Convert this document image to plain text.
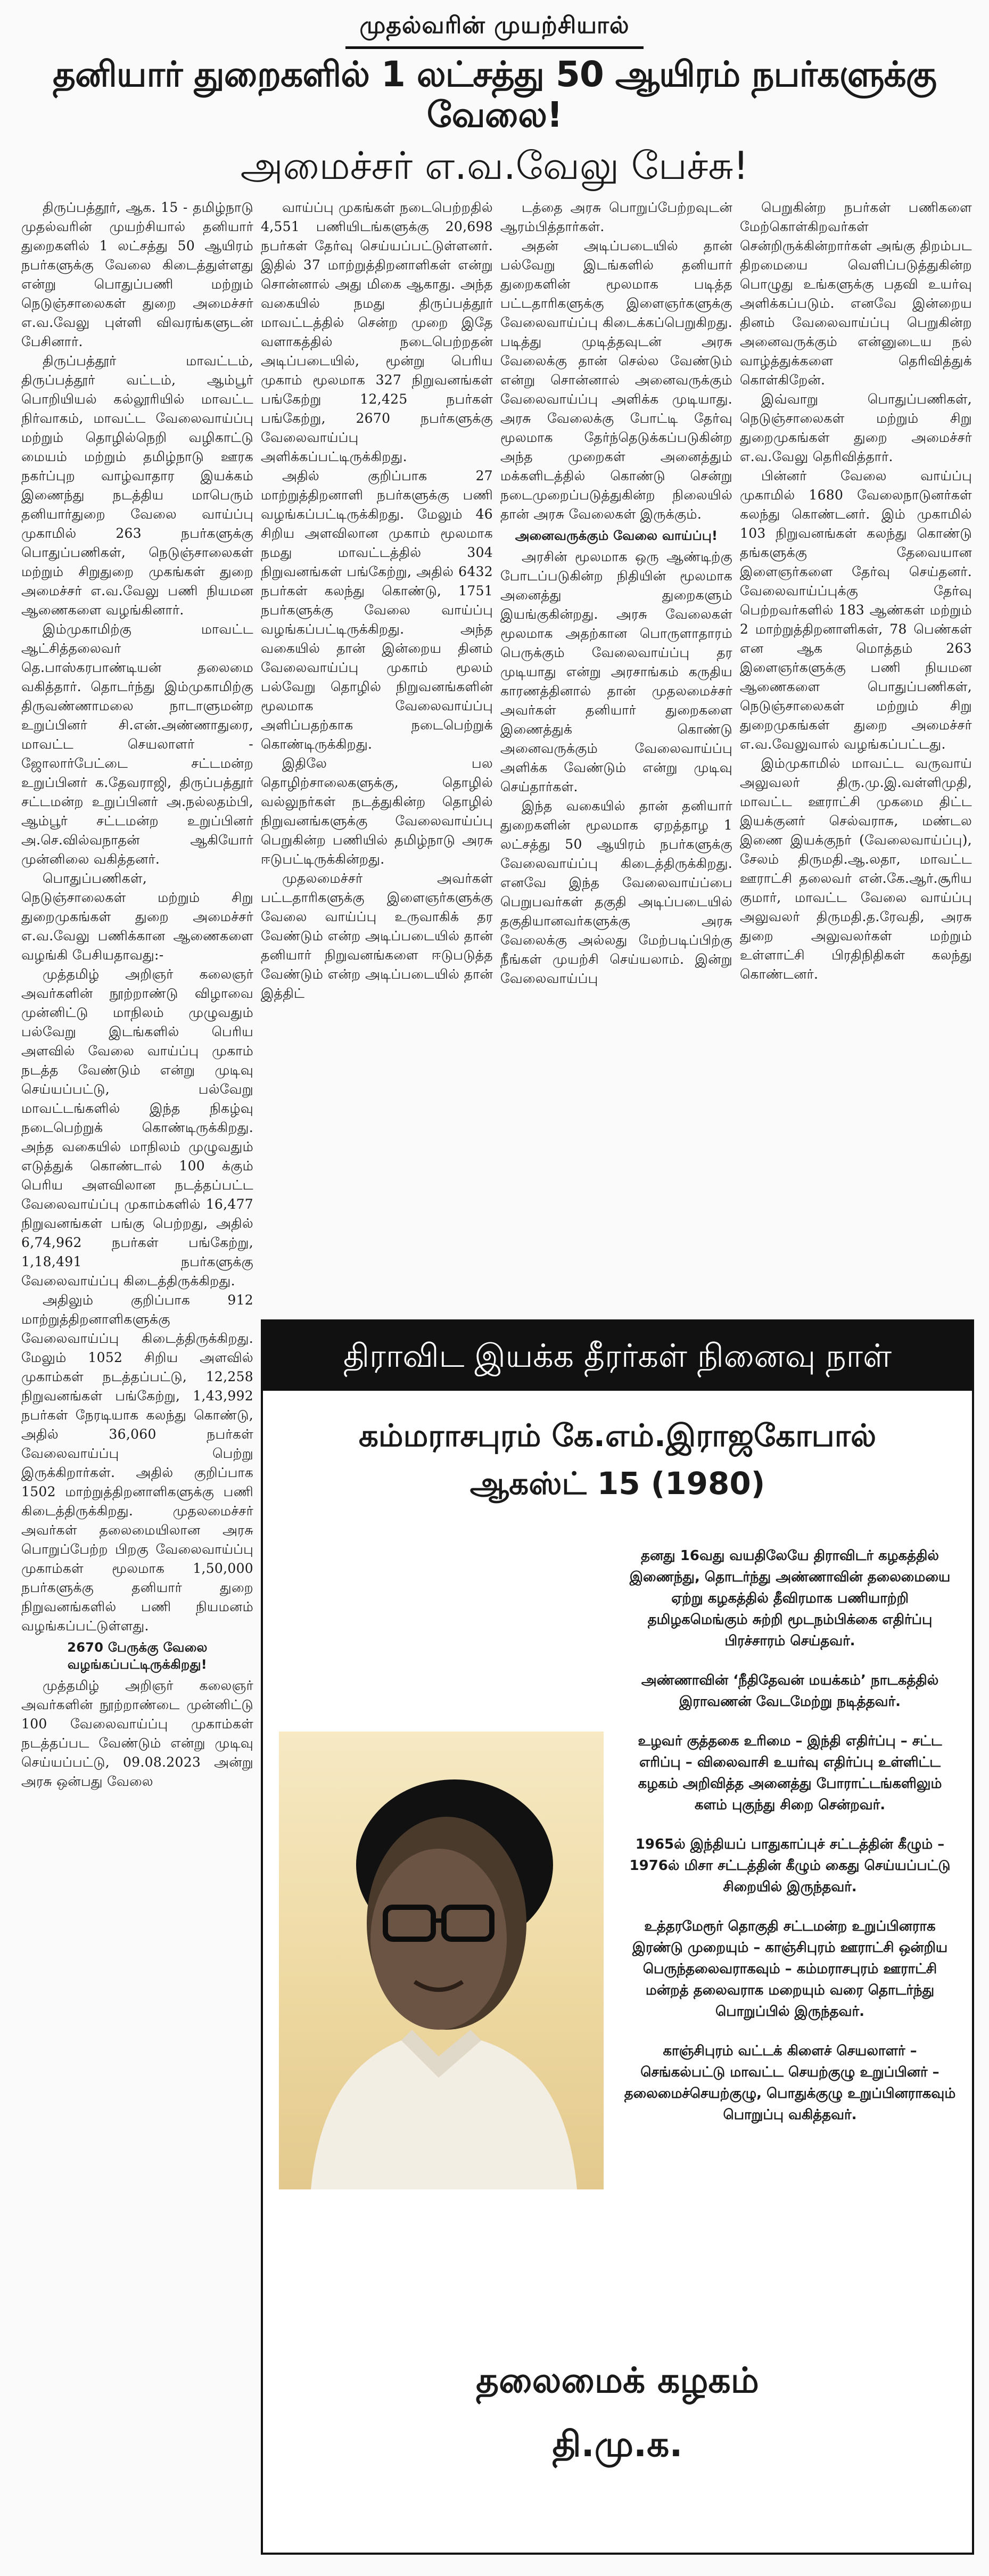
முதல்வரின் முயற்சியால்
தனியார் துறைகளில் 1 லட்சத்து 50 ஆயிரம் நபர்களுக்கு வேலை!
அமைச்சர் எ.வ.வேலு பேச்சு!

திருப்பத்தூர், ஆக. 15 - தமிழ்நாடு முதல்வரின் முயற்சியால் தனியார் துறைகளில் 1 லட்சத்து 50 ஆயிரம் நபர்களுக்கு வேலை கிடைத்துள்ளது என்று பொதுப்பணி மற்றும் நெடுஞ்சாலைகள் துறை அமைச்சர் எ.வ.வேலு புள்ளி விவரங்களுடன் பேசினார்.

திருப்பத்தூர் மாவட்டம், திருப்பத்தூர் வட்டம், ஆம்பூர் பொறியியல் கல்லூரியில் மாவட்ட நிர்வாகம், மாவட்ட வேலைவாய்ப்பு மற்றும் தொழில்நெறி வழிகாட்டு மையம் மற்றும் தமிழ்நாடு ஊரக நகர்ப்புற வாழ்வாதார இயக்கம் இணைந்து நடத்திய மாபெரும் தனியார்துறை வேலை வாய்ப்பு முகாமில் 263 நபர்களுக்கு பொதுப்பணிகள், நெடுஞ்சாலைகள் மற்றும் சிறுதுறை முகங்கள் துறை அமைச்சர் எ.வ.வேலு பணி நியமன ஆணைகளை வழங்கினார்.

இம்முகாமிற்கு மாவட்ட ஆட்சித்தலைவர் தெ.பாஸ்கரபாண்டியன் தலைமை வகித்தார். தொடர்ந்து இம்முகாமிற்கு திருவண்ணாமலை நாடாளுமன்ற உறுப்பினர் சி.என்.அண்ணாதுரை, மாவட்ட செயலாளர் - ஜோலார்பேட்டை சட்டமன்ற உறுப்பினர் க.தேவராஜி, திருப்பத்தூர் சட்டமன்ற உறுப்பினர் அ.நல்லதம்பி, ஆம்பூர் சட்டமன்ற உறுப்பினர் அ.செ.வில்வநாதன் ஆகியோர் முன்னிலை வகித்தனர்.

பொதுப்பணிகள், நெடுஞ்சாலைகள் மற்றும் சிறு துறைமுகங்கள் துறை அமைச்சர் எ.வ.வேலு பணிக்கான ஆணைகளை வழங்கி பேசியதாவது:-

முத்தமிழ் அறிஞர் கலைஞர் அவர்களின் நூற்றாண்டு விழாவை முன்னிட்டு மாநிலம் முழுவதும் பல்வேறு இடங்களில் பெரிய அளவில் வேலை வாய்ப்பு முகாம் நடத்த வேண்டும் என்று முடிவு செய்யப்பட்டு, பல்வேறு மாவட்டங்களில் இந்த நிகழ்வு நடைபெற்றுக் கொண்டிருக்கிறது. அந்த வகையில் மாநிலம் முழுவதும் எடுத்துக் கொண்டால் 100 க்கும் பெரிய அளவிலான நடத்தப்பட்ட வேலைவாய்ப்பு முகாம்களில் 16,477 நிறுவனங்கள் பங்கு பெற்றது, அதில் 6,74,962 நபர்கள் பங்கேற்று, 1,18,491 நபர்களுக்கு வேலைவாய்ப்பு கிடைத்திருக்கிறது.

அதிலும் குறிப்பாக 912 மாற்றுத்திறனாளிகளுக்கு வேலைவாய்ப்பு கிடைத்திருக்கிறது. மேலும் 1052 சிறிய அளவில் முகாம்கள் நடத்தப்பட்டு, 12,258 நிறுவனங்கள் பங்கேற்று, 1,43,992 நபர்கள் நேரடியாக கலந்து கொண்டு, அதில் 36,060 நபர்கள் வேலைவாய்ப்பு பெற்று இருக்கிறார்கள். அதில் குறிப்பாக 1502 மாற்றுத்திறனாளிகளுக்கு பணி கிடைத்திருக்கிறது. முதலமைச்சர் அவர்கள் தலைமையிலான அரசு பொறுப்பேற்ற பிறகு வேலைவாய்ப்பு முகாம்கள் மூலமாக 1,50,000 நபர்களுக்கு தனியார் துறை நிறுவனங்களில் பணி நியமனம் வழங்கப்பட்டுள்ளது.

2670 பேருக்கு வேலை வழங்கப்பட்டிருக்கிறது!

முத்தமிழ் அறிஞர் கலைஞர் அவர்களின் நூற்றாண்டை முன்னிட்டு 100 வேலைவாய்ப்பு முகாம்கள் நடத்தப்பட வேண்டும் என்று முடிவு செய்யப்பட்டு, 09.08.2023 அன்று அரசு ஒன்பது வேலை

வாய்ப்பு முகங்கள் நடைபெற்றதில் 4,551 பணியிடங்களுக்கு 20,698 நபர்கள் தேர்வு செய்யப்பட்டுள்ளனர். இதில் 37 மாற்றுத்திறனாளிகள் என்று சொன்னால் அது மிகை ஆகாது. அந்த வகையில் நமது திருப்பத்தூர் மாவட்டத்தில் சென்ற முறை இதே வளாகத்தில் நடைபெற்றதன் அடிப்படையில், மூன்று பெரிய முகாம் மூலமாக 327 நிறுவனங்கள் பங்கேற்று 12,425 நபர்கள் பங்கேற்று, 2670 நபர்களுக்கு வேலைவாய்ப்பு அளிக்கப்பட்டிருக்கிறது.

அதில் குறிப்பாக 27 மாற்றுத்திறனாளி நபர்களுக்கு பணி வழங்கப்பட்டிருக்கிறது. மேலும் 46 சிறிய அளவிலான முகாம் மூலமாக நமது மாவட்டத்தில் 304 நிறுவனங்கள் பங்கேற்று, அதில் 6432 நபர்கள் கலந்து கொண்டு, 1751 நபர்களுக்கு வேலை வாய்ப்பு வழங்கப்பட்டிருக்கிறது. அந்த வகையில் தான் இன்றைய தினம் வேலைவாய்ப்பு முகாம் மூலம் பல்வேறு தொழில் நிறுவனங்களின் மூலமாக வேலைவாய்ப்பு அளிப்பதற்காக நடைபெற்றுக் கொண்டிருக்கிறது.

இதிலே பல தொழிற்சாலைகளுக்கு, தொழில் வல்லுநர்கள் நடத்துகின்ற தொழில் நிறுவனங்களுக்கு வேலைவாய்ப்பு பெறுகின்ற பணியில் தமிழ்நாடு அரசு ஈடுபட்டிருக்கின்றது.

முதலமைச்சர் அவர்கள் பட்டதாரிகளுக்கு இளைஞர்களுக்கு வேலை வாய்ப்பு உருவாகிக் தர வேண்டும் என்ற அடிப்படையில் தான் தனியார் நிறுவனங்களை ஈடுபடுத்த வேண்டும் என்ற அடிப்படையில் தான் இத்திட்

டத்தை அரசு பொறுப்பேற்றவுடன் ஆரம்பித்தார்கள்.

அதன் அடிப்படையில் தான் பல்வேறு இடங்களில் தனியார் துறைகளின் மூலமாக படித்த பட்டதாரிகளுக்கு இளைஞர்களுக்கு வேலைவாய்ப்பு கிடைக்கப்பெறுகிறது. படித்து முடித்தவுடன் அரசு வேலைக்கு தான் செல்ல வேண்டும் என்று சொன்னால் அனைவருக்கும் வேலைவாய்ப்பு அளிக்க முடியாது. அரசு வேலைக்கு போட்டி தேர்வு மூலமாக தேர்ந்தெடுக்கப்படுகின்ற அந்த முறைகள் அனைத்தும் மக்களிடத்தில் கொண்டு சென்று நடைமுறைப்படுத்துகின்ற நிலையில் தான் அரசு வேலைகள் இருக்கும்.

அனைவருக்கும் வேலை வாய்ப்பு!

அரசின் மூலமாக ஒரு ஆண்டிற்கு போடப்படுகின்ற நிதியின் மூலமாக அனைத்து துறைகளும் இயங்குகின்றது. அரசு வேலைகள் மூலமாக அதற்கான பொருளாதாரம் பெருக்கும் வேலைவாய்ப்பு தர முடியாது என்று அரசாங்கம் கருதிய காரணத்தினால் தான் முதலமைச்சர் அவர்கள் தனியார் துறைகளை இணைத்துக் கொண்டு அனைவருக்கும் வேலைவாய்ப்பு அளிக்க வேண்டும் என்று முடிவு செய்தார்கள்.

இந்த வகையில் தான் தனியார் துறைகளின் மூலமாக ஏறத்தாழ 1 லட்சத்து 50 ஆயிரம் நபர்களுக்கு வேலைவாய்ப்பு கிடைத்திருக்கிறது. எனவே இந்த வேலைவாய்ப்பை பெறுபவர்கள் தகுதி அடிப்படையில் தகுதியானவர்களுக்கு அரசு வேலைக்கு அல்லது மேற்படிப்பிற்கு நீங்கள் முயற்சி செய்யலாம். இன்று வேலைவாய்ப்பு

பெறுகின்ற நபர்கள் பணிகளை மேற்கொள்கிறவர்கள் சென்றிருக்கின்றார்கள் அங்கு திறம்பட திறமையை வெளிப்படுத்துகின்ற பொழுது உங்களுக்கு பதவி உயர்வு அளிக்கப்படும். எனவே இன்றைய தினம் வேலைவாய்ப்பு பெறுகின்ற அனைவருக்கும் என்னுடைய நல் வாழ்த்துக்களை தெரிவித்துக் கொள்கிறேன்.

இவ்வாறு பொதுப்பணிகள், நெடுஞ்சாலைகள் மற்றும் சிறு துறைமுகங்கள் துறை அமைச்சர் எ.வ.வேலு தெரிவித்தார்.

பின்னர் வேலை வாய்ப்பு முகாமில் 1680 வேலைநாடுனர்கள் கலந்து கொண்டனர். இம் முகாமில் 103 நிறுவனங்கள் கலந்து கொண்டு தங்களுக்கு தேவையான இளைஞர்களை தேர்வு செய்தனர். வேலைவாய்ப்புக்கு தேர்வு பெற்றவர்களில் 183 ஆண்கள் மற்றும் 2 மாற்றுத்திறனாளிகள், 78 பெண்கள் என ஆக மொத்தம் 263 இளைஞர்களுக்கு பணி நியமன ஆணைகளை பொதுப்பணிகள், நெடுஞ்சாலைகள் மற்றும் சிறு துறைமுகங்கள் துறை அமைச்சர் எ.வ.வேலுவால் வழங்கப்பட்டது.

இம்முகாமில் மாவட்ட வருவாய் அலுவலர் திரு.மு.இ.வள்ளிமுதி, மாவட்ட ஊராட்சி முகமை திட்ட இயக்குனர் செல்வராசு, மண்டல இணை இயக்குநர் (வேலைவாய்ப்பு), சேலம் திருமதி.ஆ.லதா, மாவட்ட ஊராட்சி தலைவர் என்.கே.ஆர்.சூரிய குமார், மாவட்ட வேலை வாய்ப்பு அலுவலர் திருமதி.த.ரேவதி, அரசு துறை அலுவலர்கள் மற்றும் உள்ளாட்சி பிரதிநிதிகள் கலந்து கொண்டனர்.

திராவிட இயக்க தீரர்கள் நினைவு நாள்
கம்மராசபுரம் கே.எம்.இராஜகோபால்
ஆகஸ்ட் 15 (1980)

தனது 16வது வயதிலேயே திராவிடர் கழகத்தில் இணைந்து, தொடர்ந்து அண்ணாவின் தலைமையை ஏற்று கழகத்தில் தீவிரமாக பணியாற்றி தமிழகமெங்கும் சுற்றி மூடநம்பிக்கை எதிர்ப்பு பிரச்சாரம் செய்தவர்.

அண்ணாவின் ‘நீதிதேவன் மயக்கம்’ நாடகத்தில் இராவணன் வேடமேற்று நடித்தவர்.

உழவர் குத்தகை உரிமை – இந்தி எதிர்ப்பு – சட்ட எரிப்பு – விலைவாசி உயர்வு எதிர்ப்பு உள்ளிட்ட கழகம் அறிவித்த அனைத்து போராட்டங்களிலும் களம் புகுந்து சிறை சென்றவர்.

1965ல் இந்தியப் பாதுகாப்புச் சட்டத்தின் கீழும் – 1976ல் மிசா சட்டத்தின் கீழும் கைது செய்யப்பட்டு சிறையில் இருந்தவர்.

உத்தரமேரூர் தொகுதி சட்டமன்ற உறுப்பினராக இரண்டு முறையும் – காஞ்சிபுரம் ஊராட்சி ஒன்றிய பெருந்தலைவராகவும் – கம்மராசபுரம் ஊராட்சி மன்றத் தலைவராக மறையும் வரை தொடர்ந்து பொறுப்பில் இருந்தவர்.

காஞ்சிபுரம் வட்டக் கிளைச் செயலாளர் – செங்கல்பட்டு மாவட்ட செயற்குழு உறுப்பினர் – தலைமைச்செயற்குழு, பொதுக்குழு உறுப்பினராகவும் பொறுப்பு வகித்தவர்.

தலைமைக் கழகம்
தி.மு.க.
